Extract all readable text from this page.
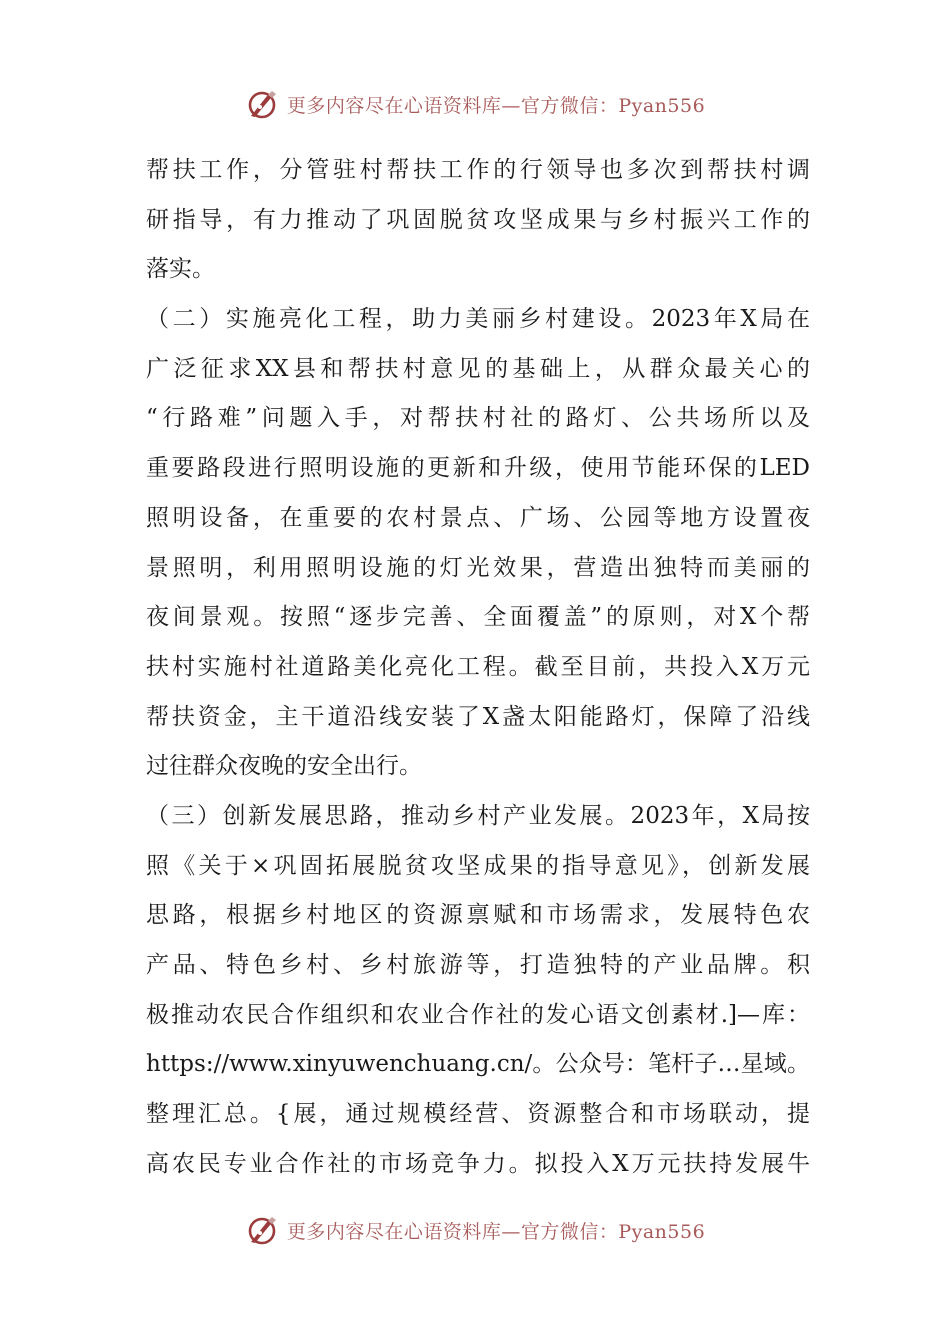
更多内容尽在心语资料库—官方微信：Pyan556
帮扶工作，分管驻村帮扶工作的行领导也多次到帮扶村调
研指导，有力推动了巩固脱贫攻坚成果与乡村振兴工作的
落实。
（二）实施亮化工程，助力美丽乡村建设。2023年X局在
广泛征求XX县和帮扶村意见的基础上，从群众最关心的
“行路难”问题入手，对帮扶村社的路灯、公共场所以及
重要路段进行照明设施的更新和升级，使用节能环保的LED
照明设备，在重要的农村景点、广场、公园等地方设置夜
景照明，利用照明设施的灯光效果，营造出独特而美丽的
夜间景观。按照“逐步完善、全面覆盖”的原则，对X个帮
扶村实施村社道路美化亮化工程。截至目前，共投入X万元
帮扶资金，主干道沿线安装了X盏太阳能路灯，保障了沿线
过往群众夜晚的安全出行。
（三）创新发展思路，推动乡村产业发展。2023年，X局按
照《关于×巩固拓展脱贫攻坚成果的指导意见》，创新发展
思路，根据乡村地区的资源禀赋和市场需求，发展特色农
产品、特色乡村、乡村旅游等，打造独特的产业品牌。积
极推动农民合作组织和农业合作社的发心语文创素材.]—库：
https://www.xinyuwenchuang.cn/。公众号：笔杆子…星域。
整理汇总。{展，通过规模经营、资源整合和市场联动，提
高农民专业合作社的市场竞争力。拟投入X万元扶持发展牛
更多内容尽在心语资料库—官方微信：Pyan556
